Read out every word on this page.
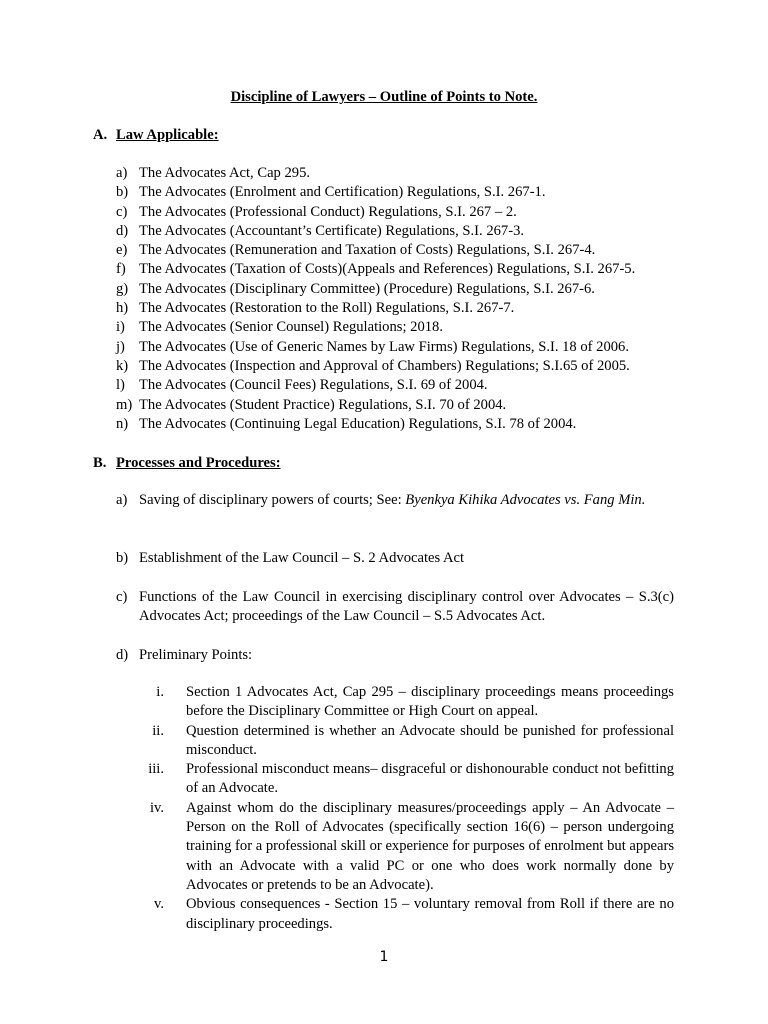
Discipline of Lawyers – Outline of Points to Note.
A. Law Applicable:
a) The Advocates Act, Cap 295.
b) The Advocates (Enrolment and Certification) Regulations, S.I. 267-1.
c) The Advocates (Professional Conduct) Regulations, S.I. 267 – 2.
d) The Advocates (Accountant’s Certificate) Regulations, S.I. 267-3.
e) The Advocates (Remuneration and Taxation of Costs) Regulations, S.I. 267-4.
f) The Advocates (Taxation of Costs)(Appeals and References) Regulations, S.I. 267-5.
g) The Advocates (Disciplinary Committee) (Procedure) Regulations, S.I. 267-6.
h) The Advocates (Restoration to the Roll) Regulations, S.I. 267-7.
i) The Advocates (Senior Counsel) Regulations; 2018.
j) The Advocates (Use of Generic Names by Law Firms) Regulations, S.I. 18 of 2006.
k) The Advocates (Inspection and Approval of Chambers) Regulations; S.I.65 of 2005.
l) The Advocates (Council Fees) Regulations, S.I. 69 of 2004.
m) The Advocates (Student Practice) Regulations, S.I. 70 of 2004.
n) The Advocates (Continuing Legal Education) Regulations, S.I. 78 of 2004.
B. Processes and Procedures:
a) Saving of disciplinary powers of courts; See: Byenkya Kihika Advocates vs. Fang Min.
b) Establishment of the Law Council – S. 2 Advocates Act
c) Functions of the Law Council in exercising disciplinary control over Advocates – S.3(c) Advocates Act; proceedings of the Law Council – S.5 Advocates Act.
d) Preliminary Points:
i. Section 1 Advocates Act, Cap 295 – disciplinary proceedings means proceedings before the Disciplinary Committee or High Court on appeal.
ii. Question determined is whether an Advocate should be punished for professional misconduct.
iii. Professional misconduct means– disgraceful or dishonourable conduct not befitting of an Advocate.
iv. Against whom do the disciplinary measures/proceedings apply – An Advocate – Person on the Roll of Advocates (specifically section 16(6) – person undergoing training for a professional skill or experience for purposes of enrolment but appears with an Advocate with a valid PC or one who does work normally done by Advocates or pretends to be an Advocate).
v. Obvious consequences - Section 15 – voluntary removal from Roll if there are no disciplinary proceedings.
1
